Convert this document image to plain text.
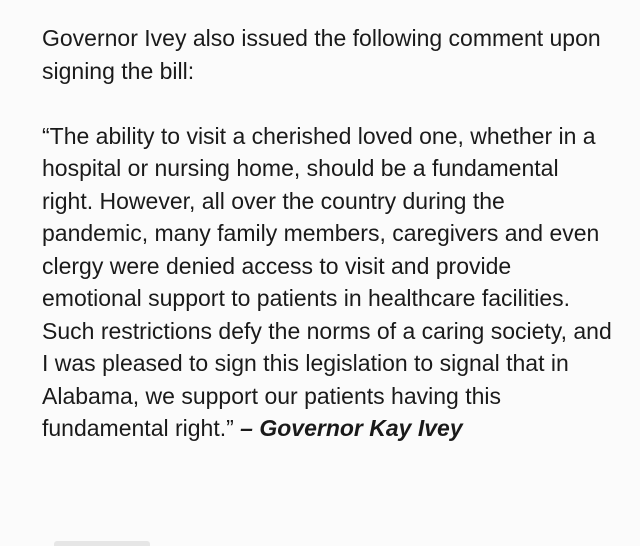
Governor Ivey also issued the following comment upon signing the bill:

“The ability to visit a cherished loved one, whether in a hospital or nursing home, should be a fundamental right. However, all over the country during the pandemic, many family members, caregivers and even clergy were denied access to visit and provide emotional support to patients in healthcare facilities. Such restrictions defy the norms of a caring society, and I was pleased to sign this legislation to signal that in Alabama, we support our patients having this fundamental right.” – Governor Kay Ivey
